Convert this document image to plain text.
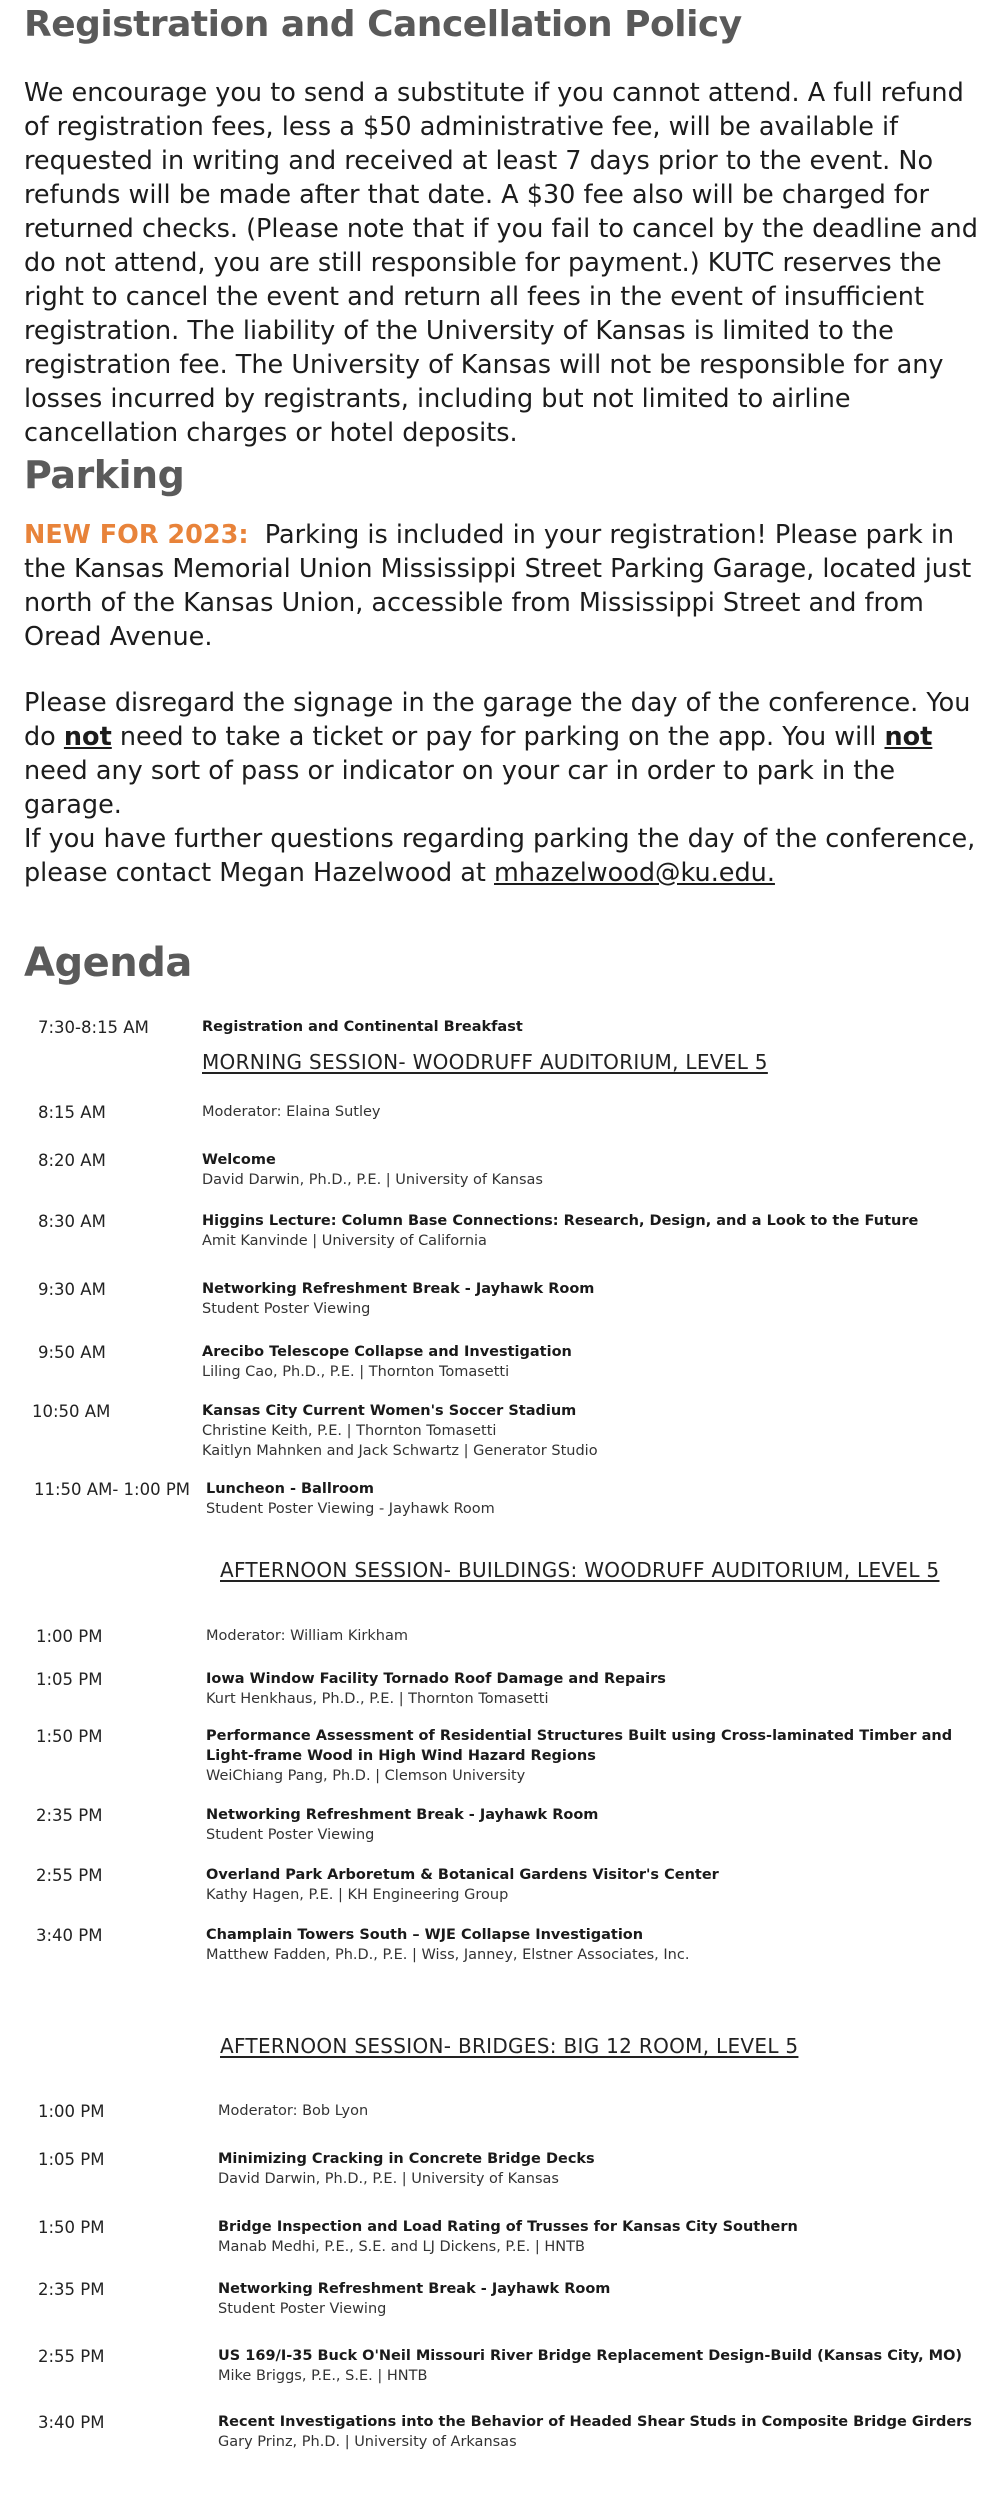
Registration and Cancellation Policy
We encourage you to send a substitute if you cannot attend. A full refund of registration fees, less a $50 administrative fee, will be available if requested in writing and received at least 7 days prior to the event. No refunds will be made after that date. A $30 fee also will be charged for returned checks. (Please note that if you fail to cancel by the deadline and do not attend, you are still responsible for payment.) KUTC reserves the right to cancel the event and return all fees in the event of insufficient registration. The liability of the University of Kansas is limited to the registration fee. The University of Kansas will not be responsible for any losses incurred by registrants, including but not limited to airline cancellation charges or hotel deposits.
Parking
NEW FOR 2023: Parking is included in your registration! Please park in the Kansas Memorial Union Mississippi Street Parking Garage, located just north of the Kansas Union, accessible from Mississippi Street and from Oread Avenue.
Please disregard the signage in the garage the day of the conference. You do not need to take a ticket or pay for parking on the app. You will not need any sort of pass or indicator on your car in order to park in the garage.
If you have further questions regarding parking the day of the conference, please contact Megan Hazelwood at mhazelwood@ku.edu.
Agenda
7:30-8:15 AM	Registration and Continental Breakfast
MORNING SESSION- WOODRUFF AUDITORIUM, LEVEL 5
8:15 AM	Moderator: Elaina Sutley
8:20 AM	Welcome
David Darwin, Ph.D., P.E. | University of Kansas
8:30 AM	Higgins Lecture: Column Base Connections: Research, Design, and a Look to the Future
Amit Kanvinde | University of California
9:30 AM	Networking Refreshment Break - Jayhawk Room
Student Poster Viewing
9:50 AM	Arecibo Telescope Collapse and Investigation
Liling Cao, Ph.D., P.E. | Thornton Tomasetti
10:50 AM	Kansas City Current Women's Soccer Stadium
Christine Keith, P.E. | Thornton Tomasetti
Kaitlyn Mahnken and Jack Schwartz | Generator Studio
11:50 AM- 1:00 PM Luncheon - Ballroom
Student Poster Viewing - Jayhawk Room
AFTERNOON SESSION- BUILDINGS: WOODRUFF AUDITORIUM, LEVEL 5
1:00 PM	Moderator: William Kirkham
1:05 PM	Iowa Window Facility Tornado Roof Damage and Repairs
Kurt Henkhaus, Ph.D., P.E. | Thornton Tomasetti
1:50 PM	Performance Assessment of Residential Structures Built using Cross-laminated Timber and Light-frame Wood in High Wind Hazard Regions
WeiChiang Pang, Ph.D. | Clemson University
2:35 PM	Networking Refreshment Break - Jayhawk Room
Student Poster Viewing
2:55 PM	Overland Park Arboretum & Botanical Gardens Visitor's Center
Kathy Hagen, P.E. | KH Engineering Group
3:40 PM	Champlain Towers South – WJE Collapse Investigation
Matthew Fadden, Ph.D., P.E. | Wiss, Janney, Elstner Associates, Inc.
AFTERNOON SESSION- BRIDGES: BIG 12 ROOM, LEVEL 5
1:00 PM	Moderator: Bob Lyon
1:05 PM	Minimizing Cracking in Concrete Bridge Decks
David Darwin, Ph.D., P.E. | University of Kansas
1:50 PM	Bridge Inspection and Load Rating of Trusses for Kansas City Southern
Manab Medhi, P.E., S.E. and LJ Dickens, P.E. | HNTB
2:35 PM	Networking Refreshment Break - Jayhawk Room
Student Poster Viewing
2:55 PM	US 169/I-35 Buck O'Neil Missouri River Bridge Replacement Design-Build (Kansas City, MO)
Mike Briggs, P.E., S.E. | HNTB
3:40 PM	Recent Investigations into the Behavior of Headed Shear Studs in Composite Bridge Girders
Gary Prinz, Ph.D. | University of Arkansas
